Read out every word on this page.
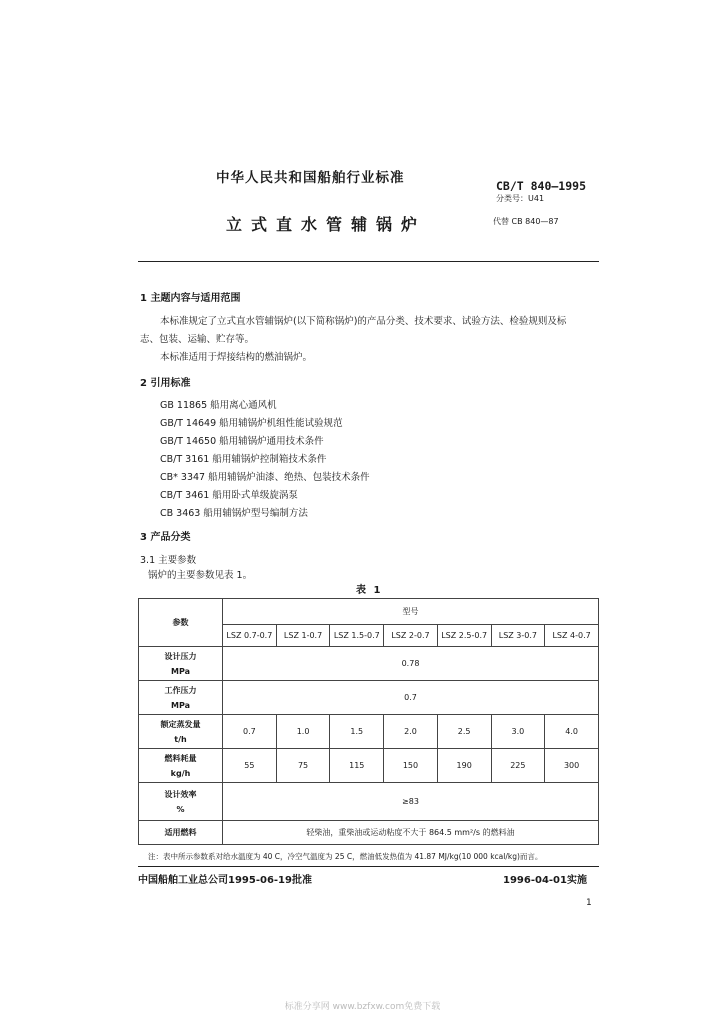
中华人民共和国船舶行业标准	CB/T 840—1995
分类号：U41
立式直水管辅锅炉	代替 CB 840—87
1 主题内容与适用范围
本标准规定了立式直水管辅锅炉(以下简称锅炉)的产品分类、技术要求、试验方法、检验规则及标
志、包装、运输、贮存等。
本标准适用于焊接结构的燃油锅炉。
2 引用标准
GB 11865 船用离心通风机
GB/T 14649 船用辅锅炉机组性能试验规范
GB/T 14650 船用辅锅炉通用技术条件
CB/T 3161 船用辅锅炉控制箱技术条件
CB* 3347 船用辅锅炉油漆、绝热、包装技术条件
CB/T 3461 船用卧式单级旋涡泵
CB 3463 船用辅锅炉型号编制方法
3 产品分类
3.1 主要参数
锅炉的主要参数见表 1。
表 1
参数	型号						
	LSZ 0.7-0.7	LSZ 1-0.7	LSZ 1.5-0.7	LSZ 2-0.7	LSZ 2.5-0.7	LSZ 3-0.7	LSZ 4-0.7
设计压力
MPa	0.78						
工作压力
MPa	0.7						
额定蒸发量
t/h	0.7	1.0	1.5	2.0	2.5	3.0	4.0
燃料耗量
kg/h	55	75	115	150	190	225	300
设计效率
%	≥83						
适用燃料	轻柴油，重柴油或运动粘度不大于 864.5 mm²/s 的燃料油						
注：表中所示参数系对给水温度为 40 C，冷空气温度为 25 C，燃油低发热值为 41.87 MJ/kg(10 000 kcal/kg)而言。
中国船舶工业总公司1995-06-19批准	1996-04-01实施
1
标准分享网 www.bzfxw.com免费下载
